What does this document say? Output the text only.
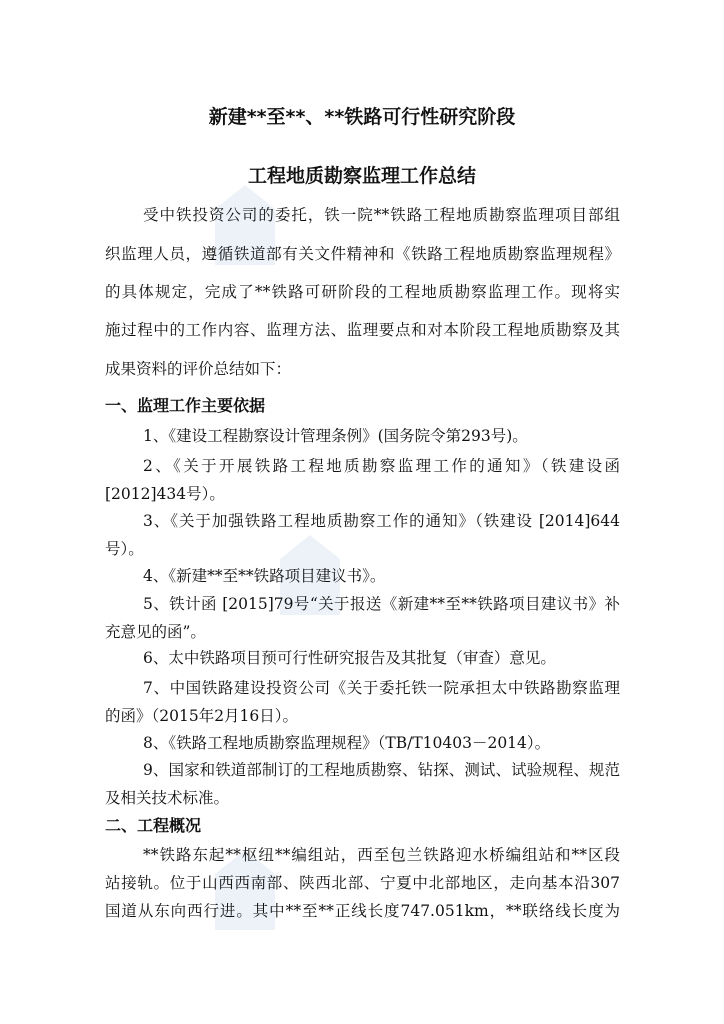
新建**至**、**铁路可行性研究阶段
工程地质勘察监理工作总结
受中铁投资公司的委托，铁一院**铁路工程地质勘察监理项目部组
织监理人员，遵循铁道部有关文件精神和《铁路工程地质勘察监理规程》
的具体规定，完成了**铁路可研阶段的工程地质勘察监理工作。现将实
施过程中的工作内容、监理方法、监理要点和对本阶段工程地质勘察及其
成果资料的评价总结如下：
一、监理工作主要依据
1、《建设工程勘察设计管理条例》(国务院令第293号)。
2、《关于开展铁路工程地质勘察监理工作的通知》（铁建设函
[2012]434号）。
3、《关于加强铁路工程地质勘察工作的通知》（铁建设 [2014]644
号）。
4、《新建**至**铁路项目建议书》。
5、铁计函 [2015]79号“关于报送《新建**至**铁路项目建议书》补
充意见的函”。
6、太中铁路项目预可行性研究报告及其批复（审查）意见。
7、中国铁路建设投资公司《关于委托铁一院承担太中铁路勘察监理
的函》（2015年2月16日）。
8、《铁路工程地质勘察监理规程》（TB/T10403－2014）。
9、国家和铁道部制订的工程地质勘察、钻探、测试、试验规程、规范
及相关技术标准。
二、工程概况
**铁路东起**枢纽**编组站，西至包兰铁路迎水桥编组站和**区段
站接轨。位于山西西南部、陕西北部、宁夏中北部地区，走向基本沿307
国道从东向西行进。其中**至**正线长度747.051km，**联络线长度为
